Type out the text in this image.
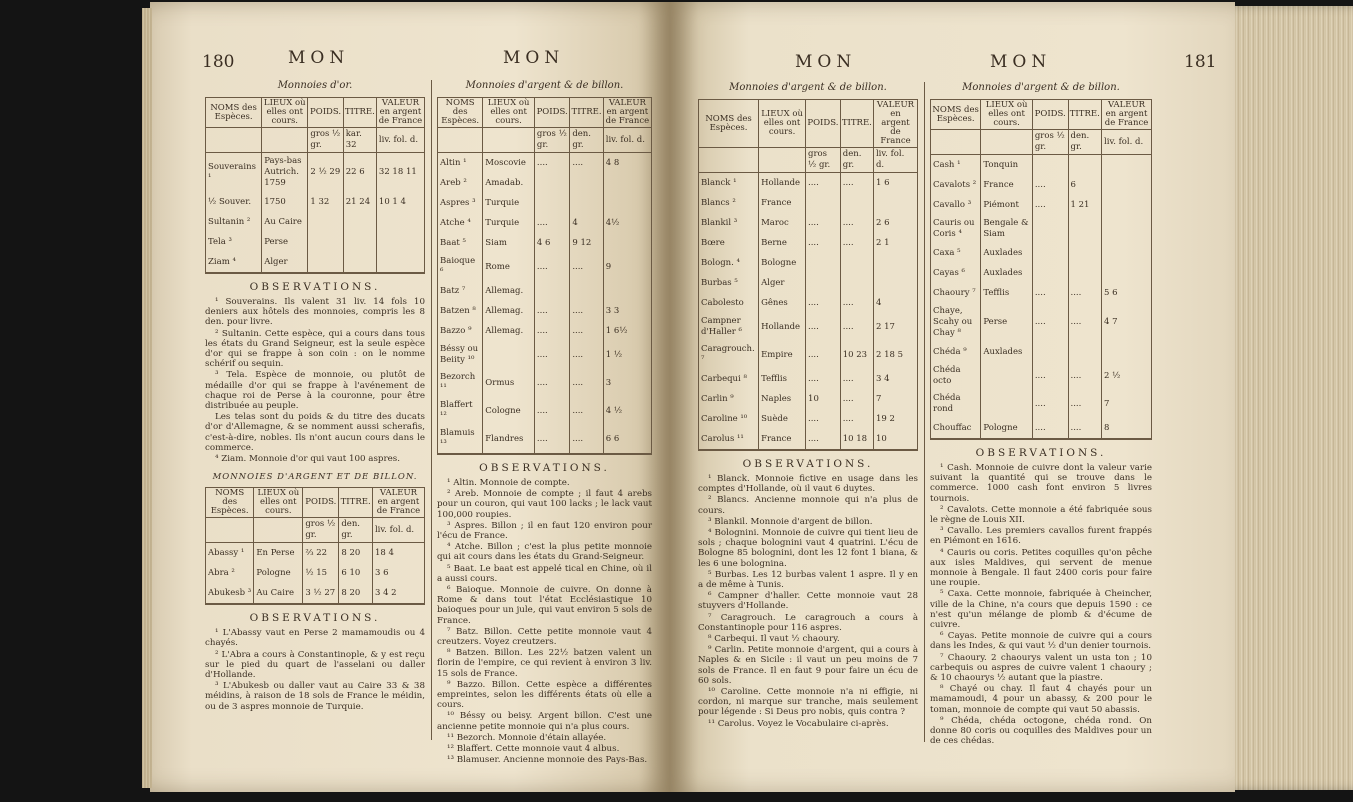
180	MON	MON
Monnoies d'or.
NOMS des Espèces.	LIEUX où elles ont cours.	POIDS.	TITRE.	VALEUR en argent de France
		gros ½ gr.	kar. 32	liv. fol. d.
Souverains ¹	Pays-bas Autrich. 1759	2 ½ 29	22 6	32 18 11
½ Souver.	1750	1 32	21 24	10 1 4
Sultanin ²	Au Caire			
Tela ³	Perse			
Ziam ⁴	Alger			
OBSERVATIONS.

¹ Souverains. Ils valent 31 liv. 14 fols 10 deniers aux hôtels des monnoies, compris les 8 den. pour livre.

² Sultanin. Cette espèce, qui a cours dans tous les états du Grand Seigneur, est la seule espèce d'or qui se frappe à son coin : on le nomme schérif ou sequin.

³ Tela. Espèce de monnoie, ou plutôt de médaille d'or qui se frappe à l'avénement de chaque roi de Perse à la couronne, pour être distribuée au peuple.

Les telas sont du poids & du titre des ducats d'or d'Allemagne, & se nomment aussi scherafis, c'est-à-dire, nobles. Ils n'ont aucun cours dans le commerce.

⁴ Ziam. Monnoie d'or qui vaut 100 aspres.

MONNOIES D'ARGENT ET DE BILLON.
NOMS des Espèces.	LIEUX où elles ont cours.	POIDS.	TITRE.	VALEUR en argent de France
		gros ½ gr.	den. gr.	liv. fol. d.
Abassy ¹	En Perse	⅔ 22	8 20	18 4
Abra ²	Pologne	½ 15	6 10	3 6
Abukesb ³	Au Caire	3 ½ 27	8 20	3 4 2
OBSERVATIONS.

¹ L'Abassy vaut en Perse 2 mamamoudis ou 4 chayés.

² L'Abra a cours à Constantinople, & y est reçu sur le pied du quart de l'asselani ou daller d'Hollande.

³ L'Abukesb ou daller vaut au Caire 33 & 38 méidins, à raison de 18 sols de France le méidin, ou de 3 aspres monnoie de Turquie.

Monnoies d'argent & de billon.
NOMS des Espèces.	LIEUX où elles ont cours.	POIDS.	TITRE.	VALEUR en argent de France
		gros ½ gr.	den. gr.	liv. fol. d.
Altin ¹	Moscovie	....	....	4 8
Areb ²	Amadab.			
Aspres ³	Turquie			
Atche ⁴	Turquie	....	4	4½
Baat ⁵	Siam	4 6	9 12	
Baioque ⁶	Rome	....	....	9
Batz ⁷	Allemag.			
Batzen ⁸	Allemag.	....	....	3 3
Bazzo ⁹	Allemag.	....	....	1 6½
Béssy ou Beiity ¹⁰		....	....	1 ½
Bezorch ¹¹	Ormus	....	....	3
Blaffert ¹²	Cologne	....	....	4 ½
Blamuis ¹³	Flandres	....	....	6 6
OBSERVATIONS.

¹ Altin. Monnoie de compte.

² Areb. Monnoie de compte ; il faut 4 arebs pour un couron, qui vaut 100 lacks ; le lack vaut 100,000 roupies.

³ Aspres. Billon ; il en faut 120 environ pour l'écu de France.

⁴ Atche. Billon ; c'est la plus petite monnoie qui ait cours dans les états du Grand-Seigneur.

⁵ Baat. Le baat est appelé tical en Chine, où il a aussi cours.

⁶ Baioque. Monnoie de cuivre. On donne à Rome & dans tout l'état Ecclésiastique 10 baioques pour un jule, qui vaut environ 5 sols de France.

⁷ Batz. Billon. Cette petite monnoie vaut 4 creutzers. Voyez creutzers.

⁸ Batzen. Billon. Les 22½ batzen valent un florin de l'empire, ce qui revient à environ 3 liv. 15 sols de France.

⁹ Bazzo. Billon. Cette espèce a différentes empreintes, selon les différents états où elle a cours.

¹⁰ Béssy ou beisy. Argent billon. C'est une ancienne petite monnoie qui n'a plus cours.

¹¹ Bezorch. Monnoie d'étain allayée.

¹² Blaffert. Cette monnoie vaut 4 albus.

¹³ Blamuser. Ancienne monnoie des Pays-Bas.

MON	MON	181
Monnoies d'argent & de billon.
NOMS des Espèces.	LIEUX où elles ont cours.	POIDS.	TITRE.	VALEUR en argent de France
		gros ½ gr.	den. gr.	liv. fol. d.
Blanck ¹	Hollande	....	....	1 6
Blancs ²	France			
Blankil ³	Maroc	....	....	2 6
Bœre	Berne	....	....	2 1
Bologn. ⁴	Bologne			
Burbas ⁵	Alger			
Cabolesto	Gênes	....	....	4
Campner d'Haller ⁶	Hollande	....	....	2 17
Caragrouch. ⁷	Empire	....	10 23	2 18 5
Carbequi ⁸	Tefflis	....	....	3 4
Carlin ⁹	Naples	10	....	7
Caroline ¹⁰	Suède	....	....	19 2
Carolus ¹¹	France	....	10 18	10
OBSERVATIONS.

¹ Blanck. Monnoie fictive en usage dans les comptes d'Hollande, où il vaut 6 duytes.

² Blancs. Ancienne monnoie qui n'a plus de cours.

³ Blankil. Monnoie d'argent de billon.

⁴ Bolognini. Monnoie de cuivre qui tient lieu de sols ; chaque bolognini vaut 4 quatrini. L'écu de Bologne 85 bolognini, dont les 12 font 1 biana, & les 6 une bolognina.

⁵ Burbas. Les 12 burbas valent 1 aspre. Il y en a de même à Tunis.

⁶ Campner d'haller. Cette monnoie vaut 28 stuyvers d'Hollande.

⁷ Caragrouch. Le caragrouch a cours à Constantinople pour 116 aspres.

⁸ Carbequi. Il vaut ½ chaoury.

⁹ Carlin. Petite monnoie d'argent, qui a cours à Naples & en Sicile : il vaut un peu moins de 7 sols de France. Il en faut 9 pour faire un écu de 60 sols.

¹⁰ Caroline. Cette monnoie n'a ni effigie, ni cordon, ni marque sur tranche, mais seulement pour légende : Si Deus pro nobis, quis contra ?

¹¹ Carolus. Voyez le Vocabulaire ci-après.

Monnoies d'argent & de billon.
NOMS des Espèces.	LIEUX où elles ont cours.	POIDS.	TITRE.	VALEUR en argent de France
		gros ½ gr.	den. gr.	liv. fol. d.
Cash ¹	Tonquin			
Cavalots ²	France	....	6	
Cavallo ³	Piémont	....	1 21	
Cauris ou Coris ⁴	Bengale & Siam			
Caxa ⁵	Auxlades			
Cayas ⁶	Auxlades			
Chaoury ⁷	Tefflis	....	....	5 6
Chaye, Scahy ou Chay ⁸	Perse	....	....	4 7
Chéda ⁹	Auxlades			
Chéda octo		....	....	2 ½
Chéda rond		....	....	7
Chouffac	Pologne	....	....	8
OBSERVATIONS.

¹ Cash. Monnoie de cuivre dont la valeur varie suivant la quantité qui se trouve dans le commerce. 1000 cash font environ 5 livres tournois.

² Cavalots. Cette monnoie a été fabriquée sous le règne de Louis XII.

³ Cavallo. Les premiers cavallos furent frappés en Piémont en 1616.

⁴ Cauris ou coris. Petites coquilles qu'on pêche aux isles Maldives, qui servent de menue monnoie à Bengale. Il faut 2400 coris pour faire une roupie.

⁵ Caxa. Cette monnoie, fabriquée à Cheincher, ville de la Chine, n'a cours que depuis 1590 : ce n'est qu'un mélange de plomb & d'écume de cuivre.

⁶ Cayas. Petite monnoie de cuivre qui a cours dans les Indes, & qui vaut ½ d'un denier tournois.

⁷ Chaoury. 2 chaourys valent un usta ton ; 10 carbequis ou aspres de cuivre valent 1 chaoury ; & 10 chaourys ½ autant que la piastre.

⁸ Chayé ou chay. Il faut 4 chayés pour un mamamoudi, 4 pour un abassy, & 200 pour le toman, monnoie de compte qui vaut 50 abassis.

⁹ Chéda, chéda octogone, chéda rond. On donne 80 coris ou coquilles des Maldives pour un de ces chédas.
